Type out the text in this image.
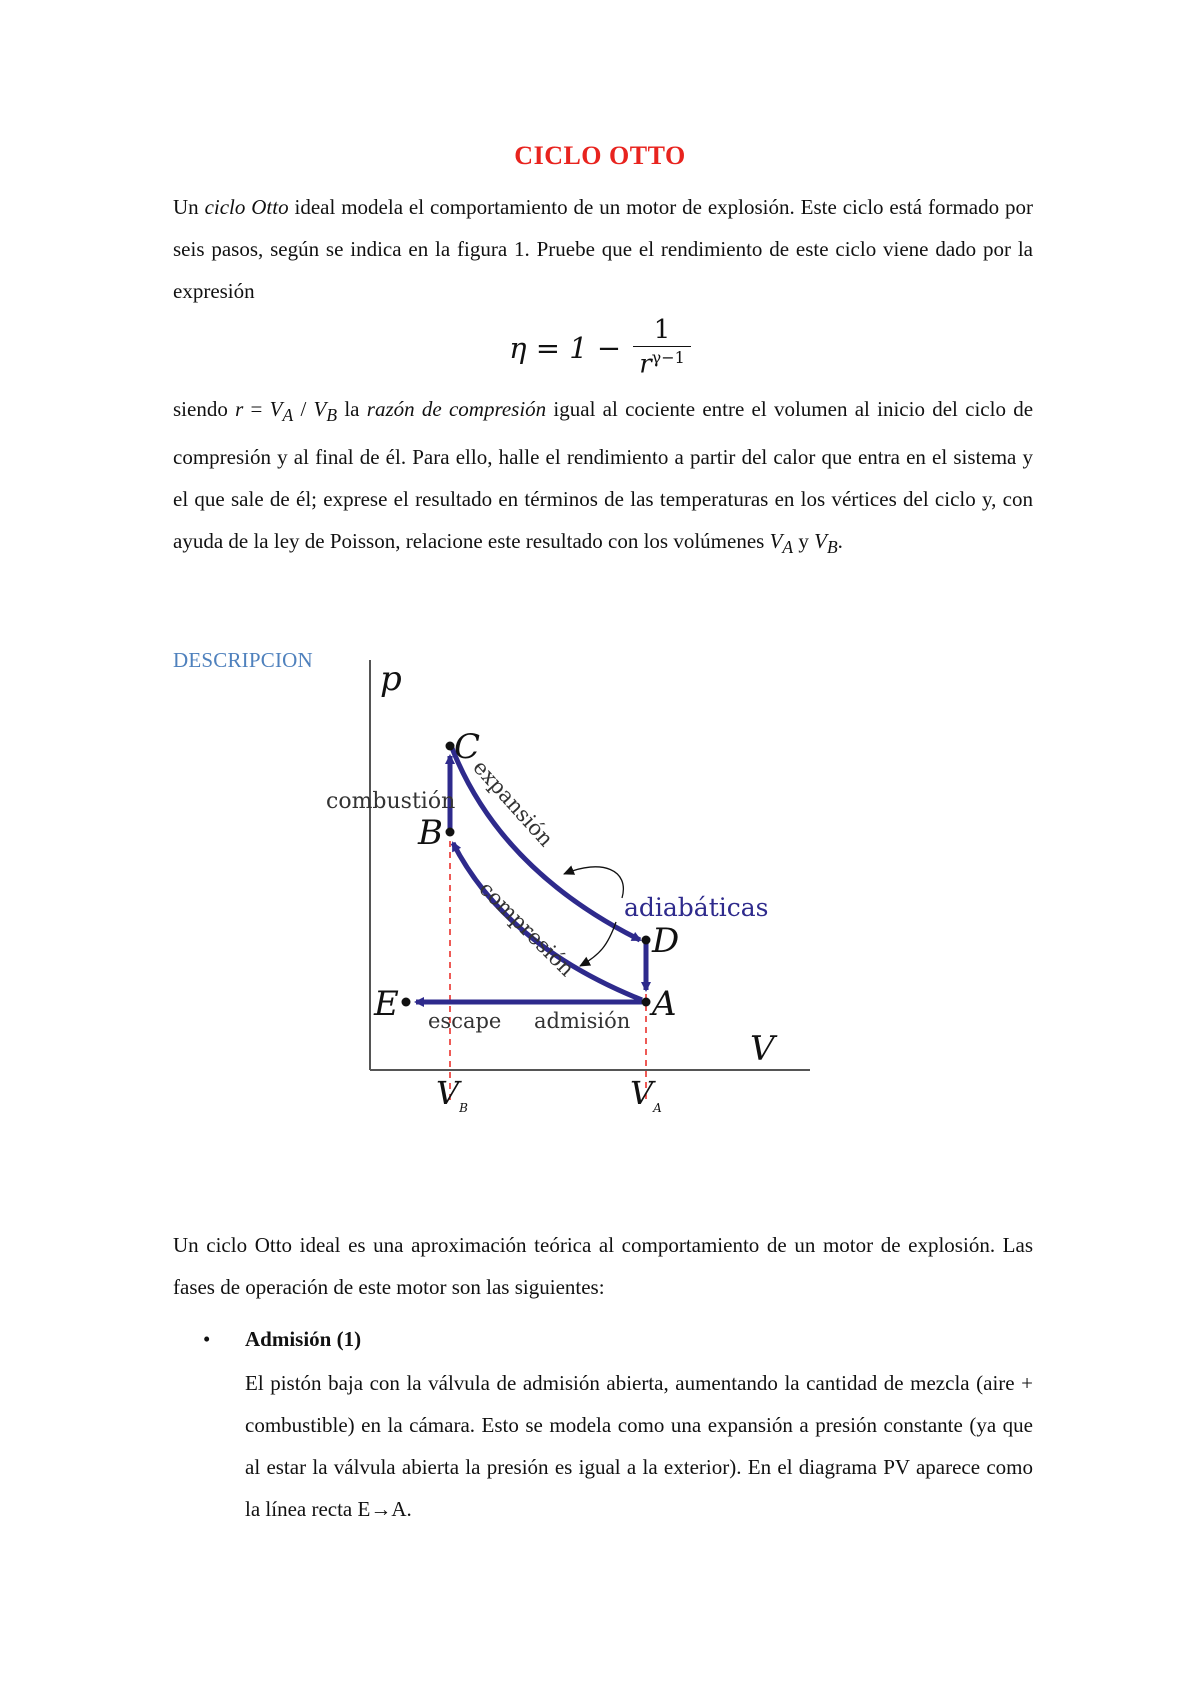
CICLO OTTO

Un ciclo Otto ideal modela el comportamiento de un motor de explosión. Este ciclo está formado por seis pasos, según se indica en la figura 1. Pruebe que el rendimiento de este ciclo viene dado por la expresión

$\eta = 1 - \frac{1}{r^{\gamma-1}}$

siendo $r = V_A / V_B$ la razón de compresión igual al cociente entre el volumen al inicio del ciclo de compresión y al final de él. Para ello, halle el rendimiento a partir del calor que entra en el sistema y el que sale de él; exprese el resultado en términos de las temperaturas en los vértices del ciclo y, con ayuda de la ley de Poisson, relacione este resultado con los volúmenes $V_A$ y $V_B$.

DESCRIPCION p
V
C
B
D
A
E
combustión expansión
compresión adiabáticas
escape admisión
$V_B$	$V_A$

Un ciclo Otto ideal es una aproximación teórica al comportamiento de un motor de explosión. Las fases de operación de este motor son las siguientes:

• Admisión (1)

El pistón baja con la válvula de admisión abierta, aumentando la cantidad de mezcla (aire + combustible) en la cámara. Esto se modela como una expansión a presión constante (ya que al estar la válvula abierta la presión es igual a la exterior). En el diagrama PV aparece como la línea recta E→A.
